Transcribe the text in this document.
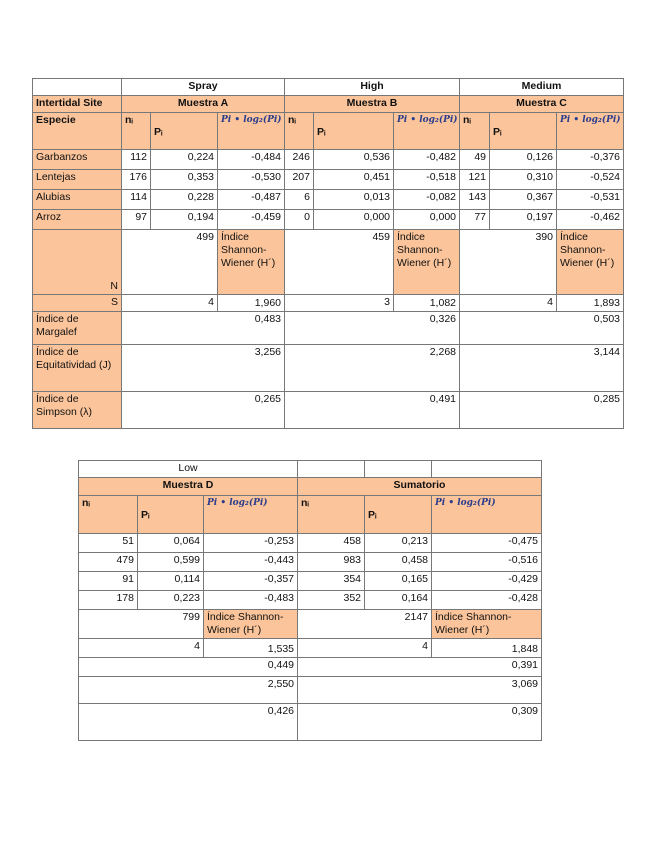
	Spray			High			Medium		
Intertidal Site	Muestra A			Muestra B			Muestra C		
Especie	nᵢ	Pᵢ	Pi • log₂(Pi)	nᵢ	Pᵢ	Pi • log₂(Pi)	nᵢ	Pᵢ	Pi • log₂(Pi)
Garbanzos	112	0,224	-0,484	246	0,536	-0,482	49	0,126	-0,376
Lentejas	176	0,353	-0,530	207	0,451	-0,518	121	0,310	-0,524
Alubias	114	0,228	-0,487	6	0,013	-0,082	143	0,367	-0,531
Arroz	97	0,194	-0,459	0	0,000	0,000	77	0,197	-0,462
N	499		Índice Shannon-Wiener (H´)	459		Índice Shannon-Wiener (H´)	390		Índice Shannon-Wiener (H´)
S	4		1,960	3		1,082	4		1,893
Índice de Margalef	0,483			0,326			0,503		
Índice de Equitatividad (J)	3,256			2,268			3,144		
Índice de Simpson (λ)	0,265			0,491			0,285		
Low					
Muestra D			Sumatorio		
nᵢ	Pᵢ	Pi • log₂(Pi)	nᵢ	Pᵢ	Pi • log₂(Pi)
51	0,064	-0,253	458	0,213	-0,475
479	0,599	-0,443	983	0,458	-0,516
91	0,114	-0,357	354	0,165	-0,429
178	0,223	-0,483	352	0,164	-0,428
799		Índice Shannon-Wiener (H´)	2147		Índice Shannon-Wiener (H´)
4		1,535	4		1,848
0,449			0,391		
2,550			3,069		
0,426			0,309		
